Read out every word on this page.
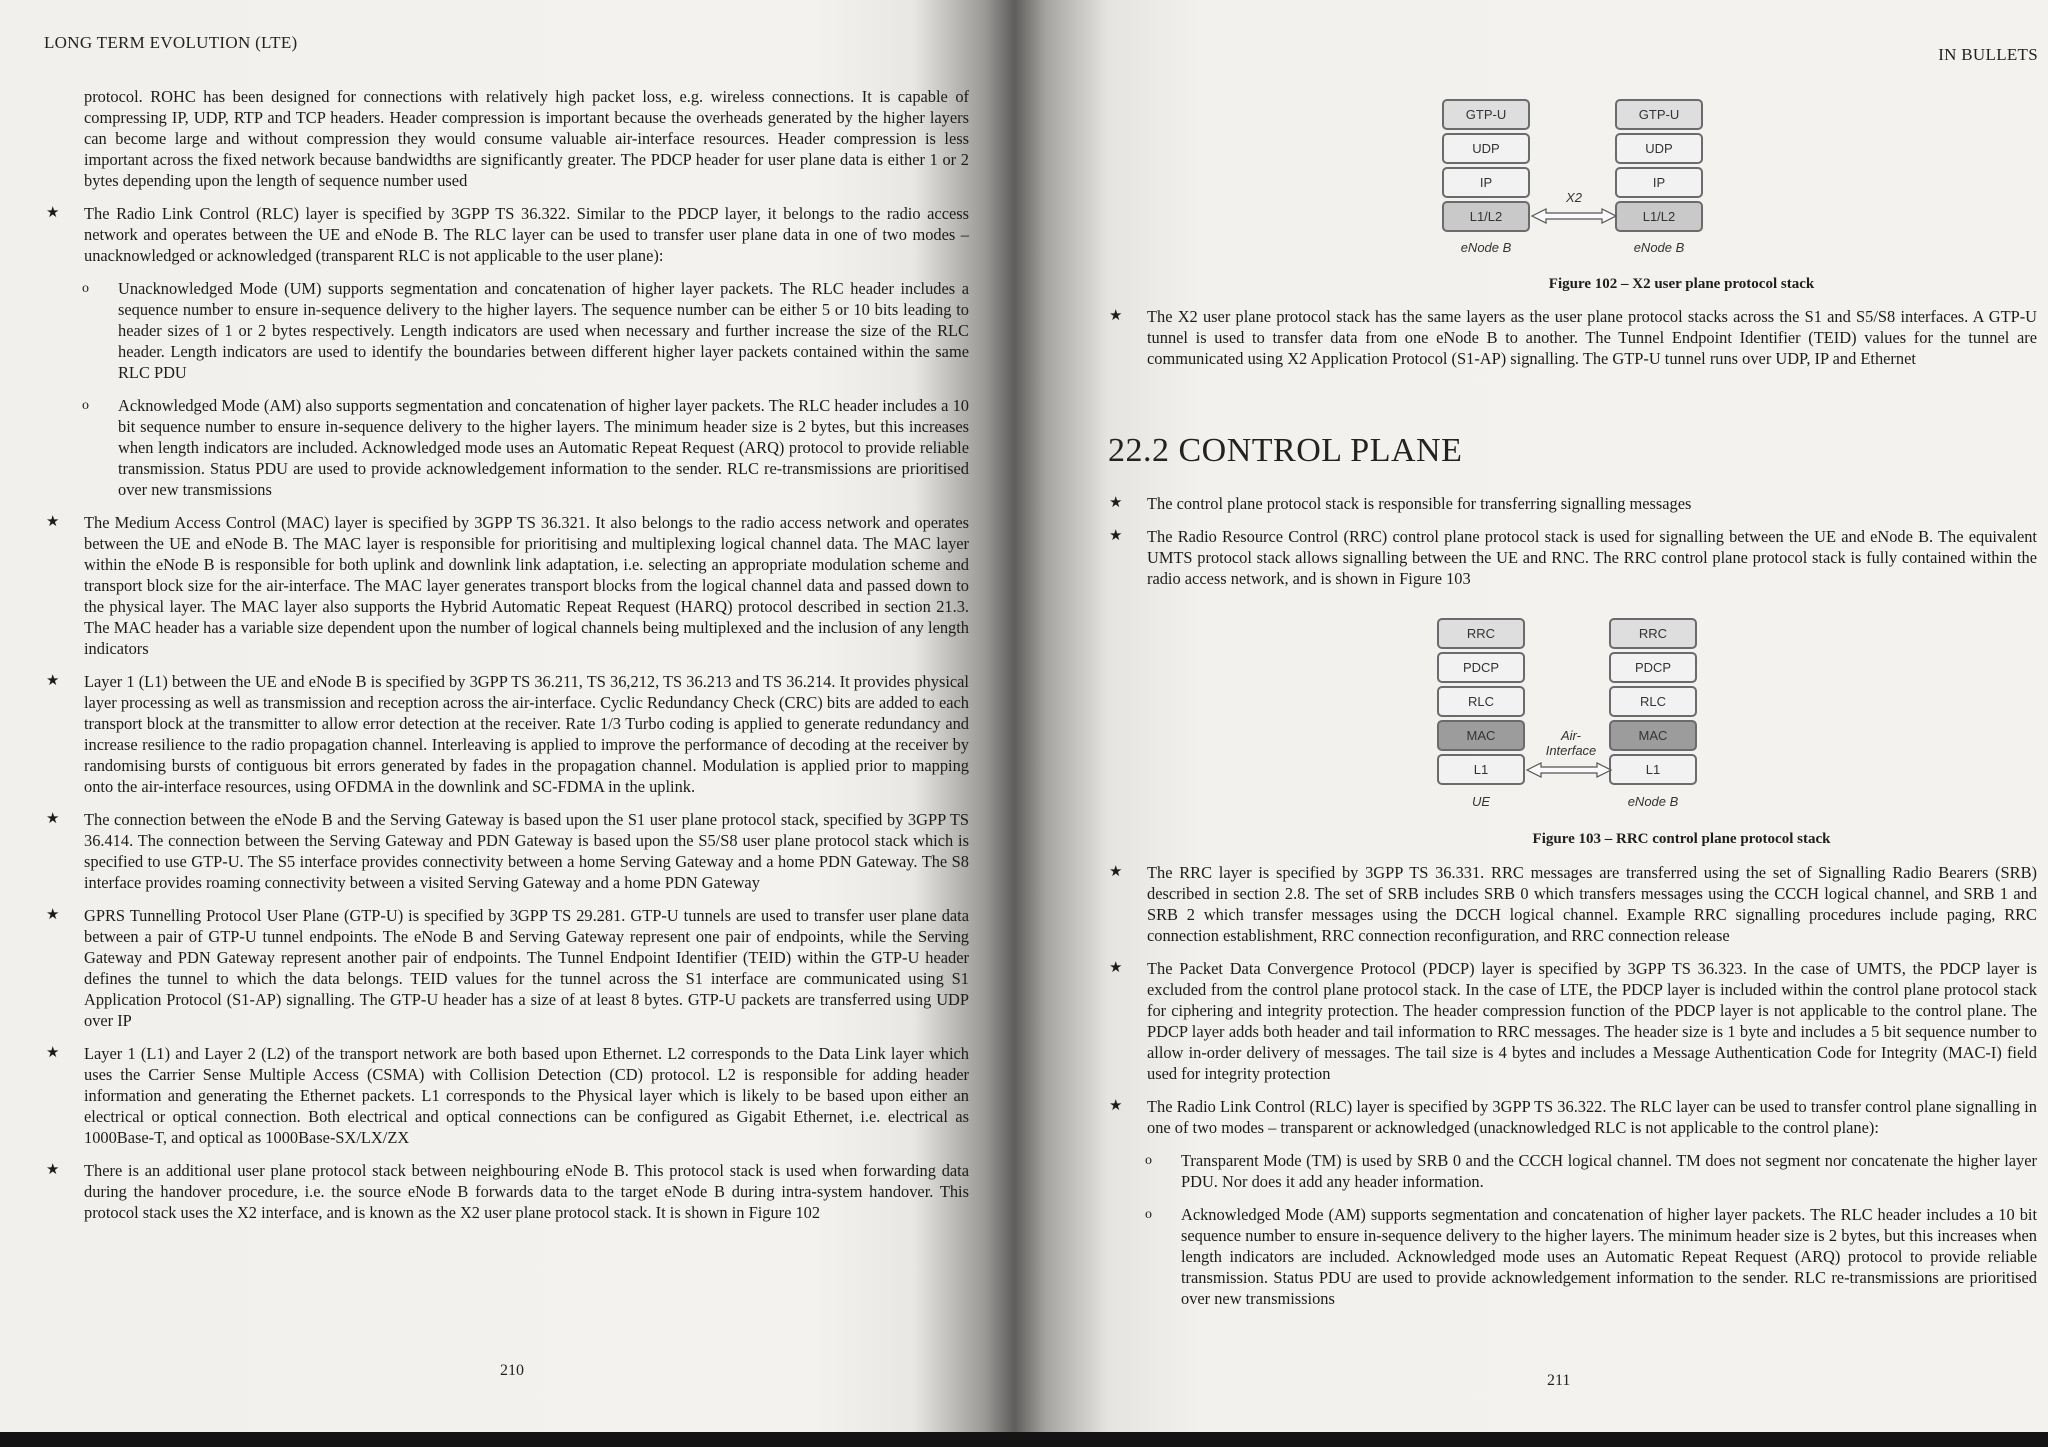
LONG TERM EVOLUTION (LTE)
protocol. ROHC has been designed for connections with relatively high packet loss, e.g. wireless connections. It is capable of compressing IP, UDP, RTP and TCP headers. Header compression is important because the overheads generated by the higher layers can become large and without compression they would consume valuable air-interface resources. Header compression is less important across the fixed network because bandwidths are significantly greater. The PDCP header for user plane data is either 1 or 2 bytes depending upon the length of sequence number used
★ The Radio Link Control (RLC) layer is specified by 3GPP TS 36.322. Similar to the PDCP layer, it belongs to the radio access network and operates between the UE and eNode B. The RLC layer can be used to transfer user plane data in one of two modes – unacknowledged or acknowledged (transparent RLC is not applicable to the user plane):
o Unacknowledged Mode (UM) supports segmentation and concatenation of higher layer packets. The RLC header includes a sequence number to ensure in-sequence delivery to the higher layers. The sequence number can be either 5 or 10 bits leading to header sizes of 1 or 2 bytes respectively. Length indicators are used when necessary and further increase the size of the RLC header. Length indicators are used to identify the boundaries between different higher layer packets contained within the same RLC PDU
o Acknowledged Mode (AM) also supports segmentation and concatenation of higher layer packets. The RLC header includes a 10 bit sequence number to ensure in-sequence delivery to the higher layers. The minimum header size is 2 bytes, but this increases when length indicators are included. Acknowledged mode uses an Automatic Repeat Request (ARQ) protocol to provide reliable transmission. Status PDU are used to provide acknowledgement information to the sender. RLC re-transmissions are prioritised over new transmissions
★ The Medium Access Control (MAC) layer is specified by 3GPP TS 36.321. It also belongs to the radio access network and operates between the UE and eNode B. The MAC layer is responsible for prioritising and multiplexing logical channel data. The MAC layer within the eNode B is responsible for both uplink and downlink link adaptation, i.e. selecting an appropriate modulation scheme and transport block size for the air-interface. The MAC layer generates transport blocks from the logical channel data and passed down to the physical layer. The MAC layer also supports the Hybrid Automatic Repeat Request (HARQ) protocol described in section 21.3. The MAC header has a variable size dependent upon the number of logical channels being multiplexed and the inclusion of any length indicators
★ Layer 1 (L1) between the UE and eNode B is specified by 3GPP TS 36.211, TS 36,212, TS 36.213 and TS 36.214. It provides physical layer processing as well as transmission and reception across the air-interface. Cyclic Redundancy Check (CRC) bits are added to each transport block at the transmitter to allow error detection at the receiver. Rate 1/3 Turbo coding is applied to generate redundancy and increase resilience to the radio propagation channel. Interleaving is applied to improve the performance of decoding at the receiver by randomising bursts of contiguous bit errors generated by fades in the propagation channel. Modulation is applied prior to mapping onto the air-interface resources, using OFDMA in the downlink and SC-FDMA in the uplink.
★ The connection between the eNode B and the Serving Gateway is based upon the S1 user plane protocol stack, specified by 3GPP TS 36.414. The connection between the Serving Gateway and PDN Gateway is based upon the S5/S8 user plane protocol stack which is specified to use GTP-U. The S5 interface provides connectivity between a home Serving Gateway and a home PDN Gateway. The S8 interface provides roaming connectivity between a visited Serving Gateway and a home PDN Gateway
★ GPRS Tunnelling Protocol User Plane (GTP-U) is specified by 3GPP TS 29.281. GTP-U tunnels are used to transfer user plane data between a pair of GTP-U tunnel endpoints. The eNode B and Serving Gateway represent one pair of endpoints, while the Serving Gateway and PDN Gateway represent another pair of endpoints. The Tunnel Endpoint Identifier (TEID) within the GTP-U header defines the tunnel to which the data belongs. TEID values for the tunnel across the S1 interface are communicated using S1 Application Protocol (S1-AP) signalling. The GTP-U header has a size of at least 8 bytes. GTP-U packets are transferred using UDP over IP
★ Layer 1 (L1) and Layer 2 (L2) of the transport network are both based upon Ethernet. L2 corresponds to the Data Link layer which uses the Carrier Sense Multiple Access (CSMA) with Collision Detection (CD) protocol. L2 is responsible for adding header information and generating the Ethernet packets. L1 corresponds to the Physical layer which is likely to be based upon either an electrical or optical connection. Both electrical and optical connections can be configured as Gigabit Ethernet, i.e. electrical as 1000Base-T, and optical as 1000Base-SX/LX/ZX
★ There is an additional user plane protocol stack between neighbouring eNode B. This protocol stack is used when forwarding data during the handover procedure, i.e. the source eNode B forwards data to the target eNode B during intra-system handover. This protocol stack uses the X2 interface, and is known as the X2 user plane protocol stack. It is shown in Figure 102
210
IN BULLETS
GTP-U
UDP
IP
L1/L2
eNode B
GTP-U
UDP
IP
L1/L2
eNode B
X2
Figure 102 – X2 user plane protocol stack
★ The X2 user plane protocol stack has the same layers as the user plane protocol stacks across the S1 and S5/S8 interfaces. A GTP-U tunnel is used to transfer data from one eNode B to another. The Tunnel Endpoint Identifier (TEID) values for the tunnel are communicated using X2 Application Protocol (S1-AP) signalling. The GTP-U tunnel runs over UDP, IP and Ethernet
22.2 CONTROL PLANE
★ The control plane protocol stack is responsible for transferring signalling messages
★ The Radio Resource Control (RRC) control plane protocol stack is used for signalling between the UE and eNode B. The equivalent UMTS protocol stack allows signalling between the UE and RNC. The RRC control plane protocol stack is fully contained within the radio access network, and is shown in Figure 103
RRC
PDCP
RLC
MAC
L1
UE
RRC
PDCP
RLC
MAC
L1
eNode B
Air-
Interface
Figure 103 – RRC control plane protocol stack
★ The RRC layer is specified by 3GPP TS 36.331. RRC messages are transferred using the set of Signalling Radio Bearers (SRB) described in section 2.8. The set of SRB includes SRB 0 which transfers messages using the CCCH logical channel, and SRB 1 and SRB 2 which transfer messages using the DCCH logical channel. Example RRC signalling procedures include paging, RRC connection establishment, RRC connection reconfiguration, and RRC connection release
★ The Packet Data Convergence Protocol (PDCP) layer is specified by 3GPP TS 36.323. In the case of UMTS, the PDCP layer is excluded from the control plane protocol stack. In the case of LTE, the PDCP layer is included within the control plane protocol stack for ciphering and integrity protection. The header compression function of the PDCP layer is not applicable to the control plane. The PDCP layer adds both header and tail information to RRC messages. The header size is 1 byte and includes a 5 bit sequence number to allow in-order delivery of messages. The tail size is 4 bytes and includes a Message Authentication Code for Integrity (MAC-I) field used for integrity protection
★ The Radio Link Control (RLC) layer is specified by 3GPP TS 36.322. The RLC layer can be used to transfer control plane signalling in one of two modes – transparent or acknowledged (unacknowledged RLC is not applicable to the control plane):
o Transparent Mode (TM) is used by SRB 0 and the CCCH logical channel. TM does not segment nor concatenate the higher layer PDU. Nor does it add any header information.
o Acknowledged Mode (AM) supports segmentation and concatenation of higher layer packets. The RLC header includes a 10 bit sequence number to ensure in-sequence delivery to the higher layers. The minimum header size is 2 bytes, but this increases when length indicators are included. Acknowledged mode uses an Automatic Repeat Request (ARQ) protocol to provide reliable transmission. Status PDU are used to provide acknowledgement information to the sender. RLC re-transmissions are prioritised over new transmissions
211
